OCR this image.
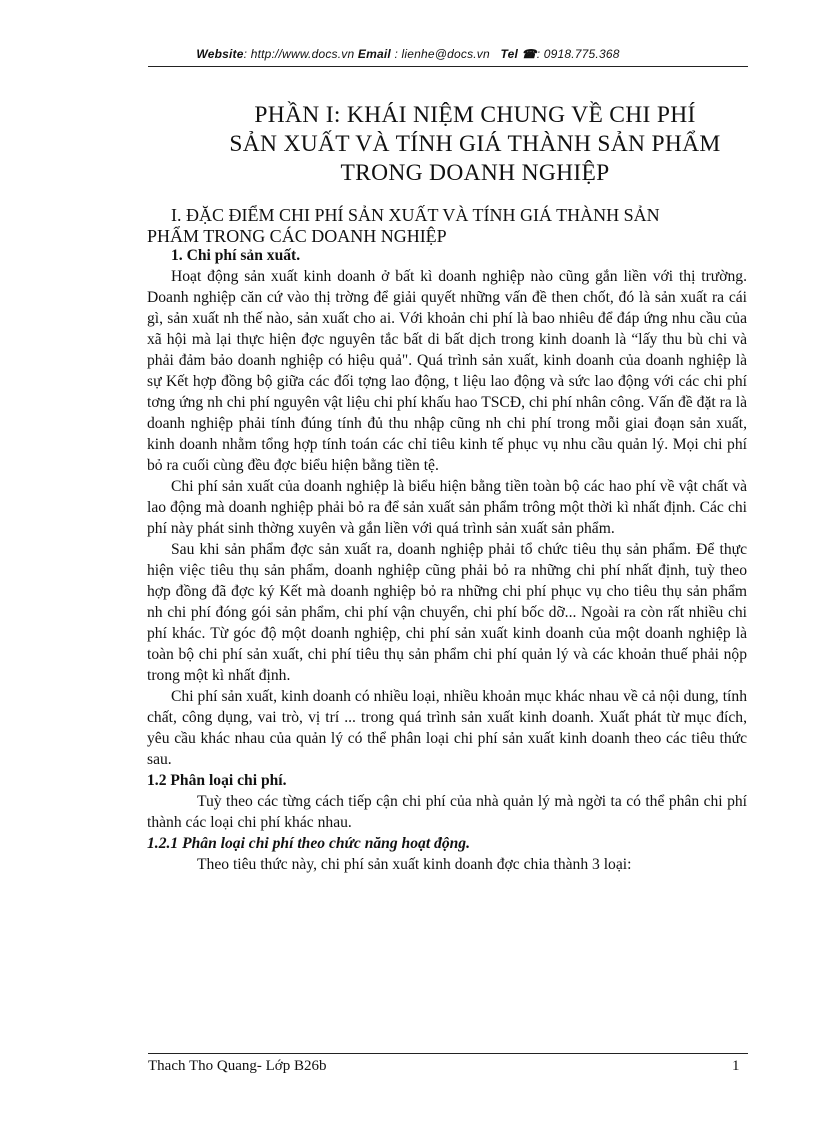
Website: http://www.docs.vn Email : lienhe@docs.vn Tel ☎: 0918.775.368
PHẦN I: KHÁI NIỆM CHUNG VỀ CHI PHÍ
SẢN XUẤT VÀ TÍNH GIÁ THÀNH SẢN PHẨM
TRONG DOANH NGHIỆP
I. ĐẶC ĐIỂM CHI PHÍ SẢN XUẤT VÀ TÍNH GIÁ THÀNH SẢN
PHẨM TRONG CÁC DOANH NGHIỆP

1. Chi phí sản xuất.

Hoạt động sản xuất kinh doanh ở bất kì doanh nghiệp nào cũng gắn liền với thị trường. Doanh nghiệp căn cứ vào thị trờng để giải quyết những vấn đề then chốt, đó là sản xuất ra cái gì, sản xuất nh thế nào, sản xuất cho ai. Với khoản chi phí là bao nhiêu để đáp ứng nhu cầu của xã hội mà lại thực hiện đợc nguyên tắc bất di bất dịch trong kinh doanh là “lấy thu bù chi và phải đảm bảo doanh nghiệp có hiệu quả". Quá trình sản xuất, kinh doanh của doanh nghiệp là sự Kết hợp đồng bộ giữa các đối tợng lao động, t liệu lao động và sức lao động với các chi phí tơng ứng nh chi phí nguyên vật liệu chi phí khấu hao TSCĐ, chi phí nhân công. Vấn đề đặt ra là doanh nghiệp phải tính đúng tính đủ thu nhập cũng nh chi phí trong mỗi giai đoạn sản xuất, kinh doanh nhằm tổng hợp tính toán các chỉ tiêu kinh tế phục vụ nhu cầu quản lý. Mọi chi phí bỏ ra cuối cùng đều đợc biểu hiện bằng tiền tệ.

Chi phí sản xuất của doanh nghiệp là biểu hiện bằng tiền toàn bộ các hao phí về vật chất và lao động mà doanh nghiệp phải bỏ ra để sản xuất sản phẩm trông một thời kì nhất định. Các chi phí này phát sinh thờng xuyên và gắn liền với quá trình sản xuất sản phẩm.

Sau khi sản phẩm đợc sản xuất ra, doanh nghiệp phải tổ chức tiêu thụ sản phẩm. Để thực hiện việc tiêu thụ sản phẩm, doanh nghiệp cũng phải bỏ ra những chi phí nhất định, tuỳ theo hợp đồng đã đợc ký Kết mà doanh nghiệp bỏ ra những chi phí phục vụ cho tiêu thụ sản phẩm nh chi phí đóng gói sản phẩm, chi phí vận chuyển, chi phí bốc dỡ... Ngoài ra còn rất nhiều chi phí khác. Từ góc độ một doanh nghiệp, chi phí sản xuất kinh doanh của một doanh nghiệp là toàn bộ chi phí sản xuất, chi phí tiêu thụ sản phẩm chi phí quản lý và các khoản thuế phải nộp trong một kì nhất định.

Chi phí sản xuất, kinh doanh có nhiều loại, nhiều khoản mục khác nhau về cả nội dung, tính chất, công dụng, vai trò, vị trí ... trong quá trình sản xuất kinh doanh. Xuất phát từ mục đích, yêu cầu khác nhau của quản lý có thể phân loại chi phí sản xuất kinh doanh theo các tiêu thức sau.

1.2 Phân loại chi phí.

Tuỳ theo các từng cách tiếp cận chi phí của nhà quản lý mà ngời ta có thể phân chi phí thành các loại chi phí khác nhau.

1.2.1 Phân loại chi phí theo chức năng hoạt động.

Theo tiêu thức này, chi phí sản xuất kinh doanh đợc chia thành 3 loại:

Thach Tho Quang- Lớp B26b	1
